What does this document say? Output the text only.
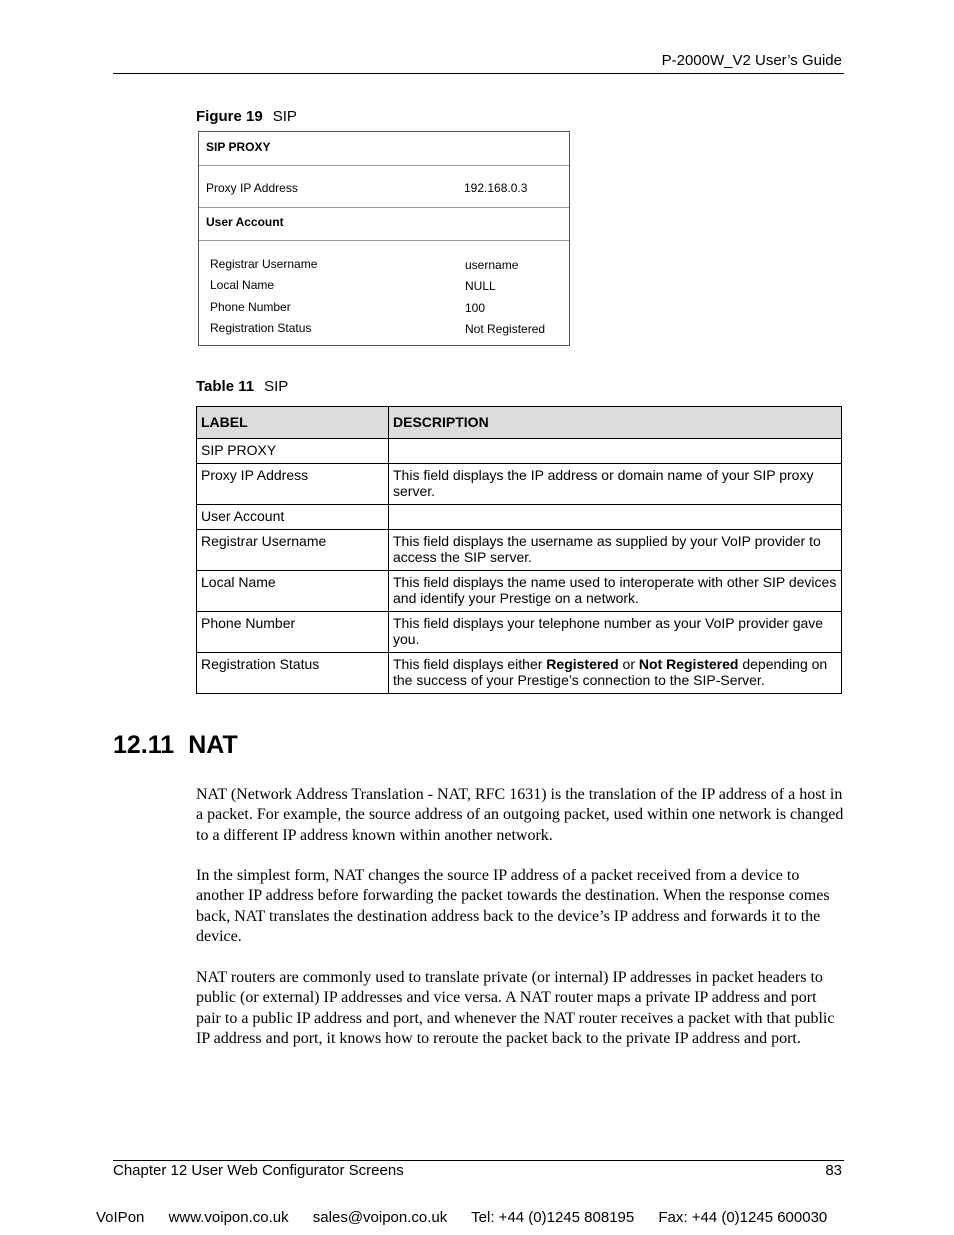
P-2000W_V2 User’s Guide
Figure 19 SIP
SIP PROXY
Proxy IP Address	192.168.0.3
User Account
Registrar Username	username
Local Name	NULL
Phone Number	100
Registration Status	Not Registered
Table 11 SIP
LABEL	DESCRIPTION
SIP PROXY	
Proxy IP Address	This field displays the IP address or domain name of your SIP proxy server.
User Account	
Registrar Username	This field displays the username as supplied by your VoIP provider to access the SIP server.
Local Name	This field displays the name used to interoperate with other SIP devices and identify your Prestige on a network.
Phone Number	This field displays your telephone number as your VoIP provider gave you.
Registration Status	This field displays either Registered or Not Registered depending on the success of your Prestige’s connection to the SIP-Server.
12.11 NAT

NAT (Network Address Translation - NAT, RFC 1631) is the translation of the IP address of a host in a packet. For example, the source address of an outgoing packet, used within one network is changed to a different IP address known within another network.

In the simplest form, NAT changes the source IP address of a packet received from a device to another IP address before forwarding the packet towards the destination. When the response comes back, NAT translates the destination address back to the device’s IP address and forwards it to the device.

NAT routers are commonly used to translate private (or internal) IP addresses in packet headers to public (or external) IP addresses and vice versa. A NAT router maps a private IP address and port pair to a public IP address and port, and whenever the NAT router receives a packet with that public IP address and port, it knows how to reroute the packet back to the private IP address and port.

Chapter 12 User Web Configurator Screens	83
VoIPon www.voipon.co.uk sales@voipon.co.uk Tel: +44 (0)1245 808195 Fax: +44 (0)1245 600030
